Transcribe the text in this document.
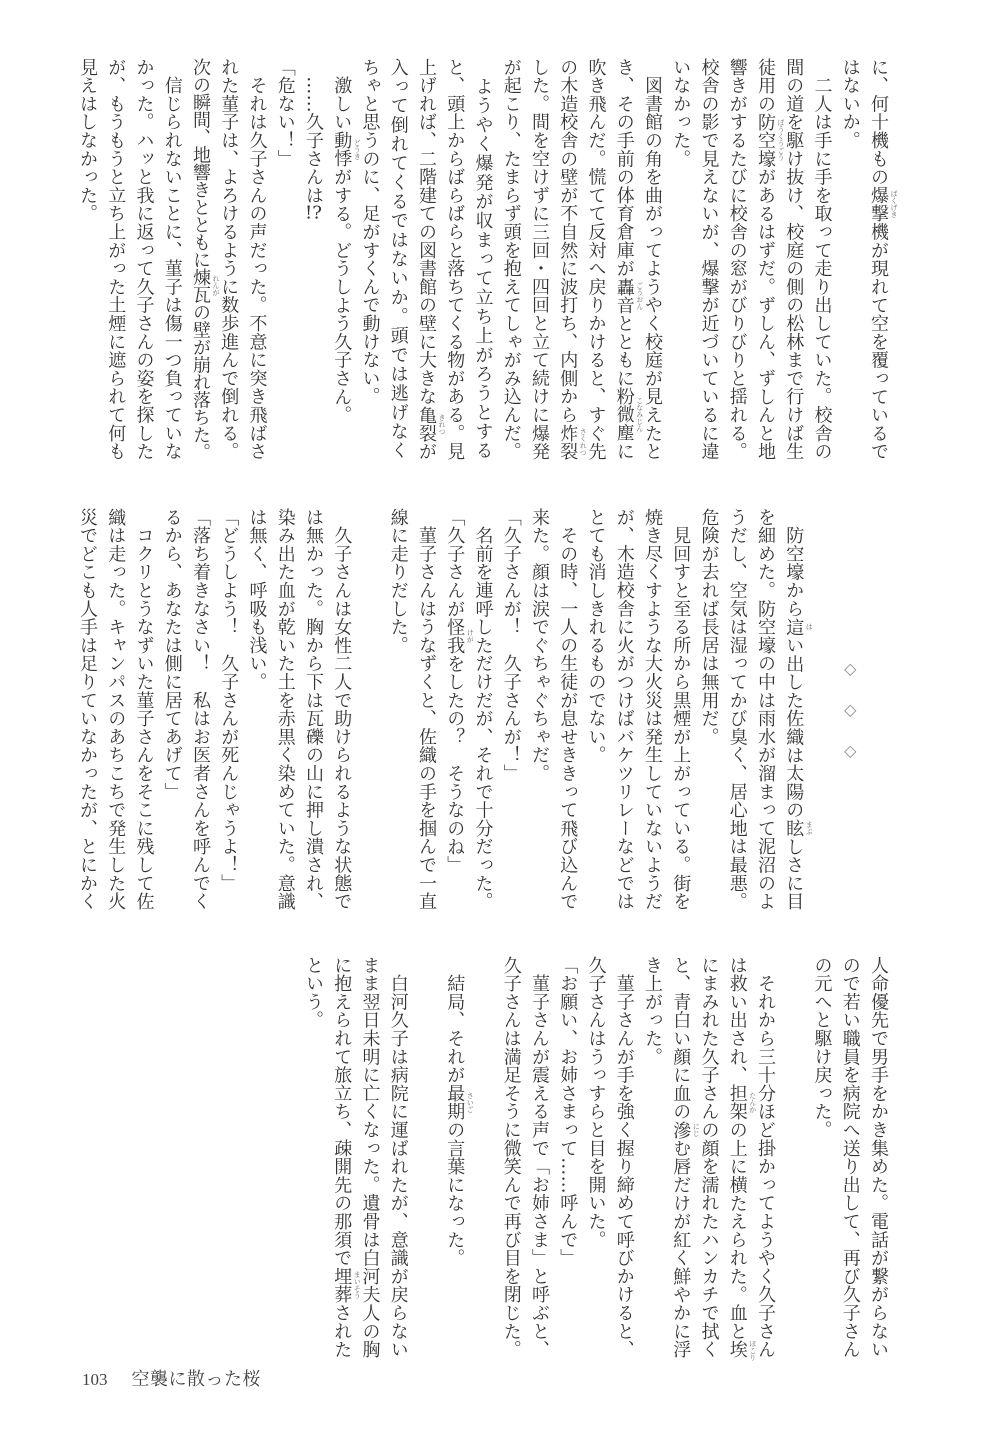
に、何十機もの爆撃 ばくげき
機が現れて空を覆っているで
はないか。
　二人は手に手を取って走り出していた。校舎の
間の道を駆け抜け、校庭の側の松林まで行けば生
徒用の防空壕 ぼうくうごう
があるはずだ。ずしん、ずしんと地
響きがするたびに校舎の窓がびりびりと揺れる。
校舎の影で見えないが、爆撃が近づいているに違
いなかった。
　図書館の角を曲がってようやく校庭が見えたと
き、その手前の体育倉庫が轟音 ごうおん
とともに粉微塵 こなみじん
に
吹き飛んだ。慌てて反対へ戻りかけると、すぐ先
の木造校舎の壁が不自然に波打ち、内側から炸裂 さくれつ
した。間を空けずに三回・四回と立て続けに爆発
が起こり、たまらず頭を抱えてしゃがみ込んだ。
　ようやく爆発が収まって立ち上がろうとする
と、頭上からばらばらと落ちてくる物がある。見
上げれば、二階建ての図書館の壁に大きな亀裂 きれつ
が
入って倒れてくるではないか。頭では逃げなく
ちゃと思うのに、足がすくんで動けない。
　激しい動悸 どうき
がする。どうしよう久子さん。
　……久子さんは!?
「危ない！」
　それは久子さんの声だった。不意に突き飛ばさ
れた菫子は、よろけるように数歩進んで倒れる。
次の瞬間、地響きとともに煉瓦 れんが
の壁が崩れ落ちた。
　信じられないことに、菫子は傷一つ負っていな
かった。ハッと我に返って久子さんの姿を探した
が、もうもうと立ち上がった土煙に遮られて何も
見えはしなかった。
◇◇◇
　防空壕から這 は
い出した佐織は太陽の眩 まぶ
しさに目
を細めた。防空壕の中は雨水が溜まって泥沼のよ
うだし、空気は湿ってかび臭く、居心地は最悪。
危険が去れば長居は無用だ。
　見回すと至る所から黒煙が上がっている。街を
焼き尽くすような大火災は発生していないようだ
が、木造校舎に火がつけばバケツリレーなどでは
とても消しきれるものでない。
　その時、一人の生徒が息せききって飛び込んで
来た。顔は涙でぐちゃぐちゃだ。
「久子さんが！　久子さんが！」
　名前を連呼しただけだが、それで十分だった。
「久子さんが怪我 けが
をしたの？　そうなのね」
　菫子さんはうなずくと、佐織の手を掴んで一直
線に走りだした。
　久子さんは女性二人で助けられるような状態で
は無かった。胸から下は瓦礫の山に押し潰され、
染み出た血が乾いた土を赤黒く染めていた。意識
は無く、呼吸も浅い。
「どうしよう！　久子さんが死んじゃうよ！」
「落ち着きなさい！　私はお医者さんを呼んでく
るから、あなたは側に居てあげて」
　コクリとうなずいた菫子さんをそこに残して佐
織は走った。キャンパスのあちこちで発生した火
災でどこも人手は足りていなかったが、とにかく
人命優先で男手をかき集めた。電話が繋がらない
ので若い職員を病院へ送り出して、再び久子さん
の元へと駆け戻った。
　それから三十分ほど掛かってようやく久子さん
は救い出され、担架 たんか
の上に横たえられた。血と埃 ほこり
にまみれた久子さんの顔を濡れたハンカチで拭く
と、青白い顔に血の滲 にじ
む唇だけが紅く鮮やかに浮
き上がった。
　菫子さんが手を強く握り締めて呼びかけると、
久子さんはうっすらと目を開いた。
「お願い、お姉さまって……呼んで」
　菫子さんが震える声で「お姉さま」と呼ぶと、
久子さんは満足そうに微笑んで再び目を閉じた。
　結局、それが最期 さいご
の言葉になった。
　白河久子は病院に運ばれたが、意識が戻らない
まま翌日未明に亡くなった。遺骨は白河夫人の胸
に抱えられて旅立ち、疎開先の那須で埋葬 まいそう
された
という。
103 空襲に散った桜
